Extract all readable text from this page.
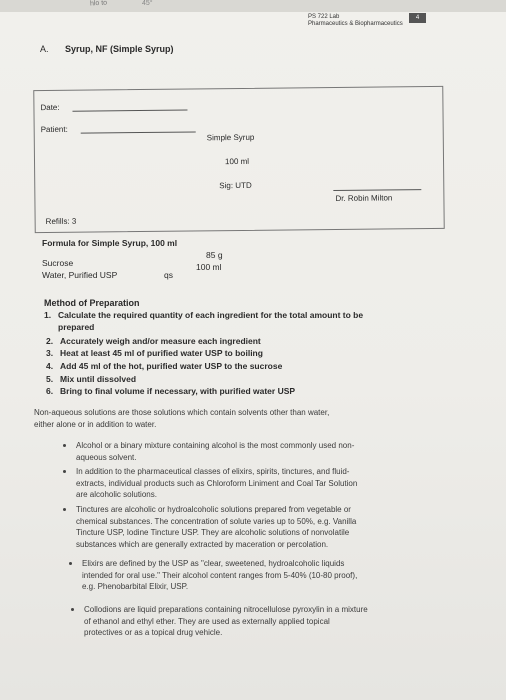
hlo to	45°
PS 722 Lab
Pharmaceutics & Biopharmaceutics
4
A. Syrup, NF (Simple Syrup)
Date:
Patient:
Simple Syrup
100 ml
Sig: UTD
Dr. Robin Milton
Refills: 3
Formula for Simple Syrup, 100 ml
Sucrose
85 g
Water, Purified USP	qs
100 ml
Method of Preparation
1. Calculate the required quantity of each ingredient for the total amount to be
prepared
2. Accurately weigh and/or measure each ingredient
3. Heat at least 45 ml of purified water USP to boiling
4. Add 45 ml of the hot, purified water USP to the sucrose
5. Mix until dissolved
6. Bring to final volume if necessary, with purified water USP
Non-aqueous solutions are those solutions which contain solvents other than water,
either alone or in addition to water.
Alcohol or a binary mixture containing alcohol is the most commonly used non-
aqueous solvent.
In addition to the pharmaceutical classes of elixirs, spirits, tinctures, and fluid-
extracts, individual products such as Chloroform Liniment and Coal Tar Solution
are alcoholic solutions.
Tinctures are alcoholic or hydroalcoholic solutions prepared from vegetable or
chemical substances. The concentration of solute varies up to 50%, e.g. Vanilla
Tincture USP, Iodine Tincture USP. They are alcoholic solutions of nonvolatile
substances which are generally extracted by maceration or percolation.
Elixirs are defined by the USP as "clear, sweetened, hydroalcoholic liquids
intended for oral use." Their alcohol content ranges from 5-40% (10-80 proof),
e.g. Phenobarbital Elixir, USP.
Collodions are liquid preparations containing nitrocellulose pyroxylin in a mixture
of ethanol and ethyl ether. They are used as externally applied topical
protectives or as a topical drug vehicle.
